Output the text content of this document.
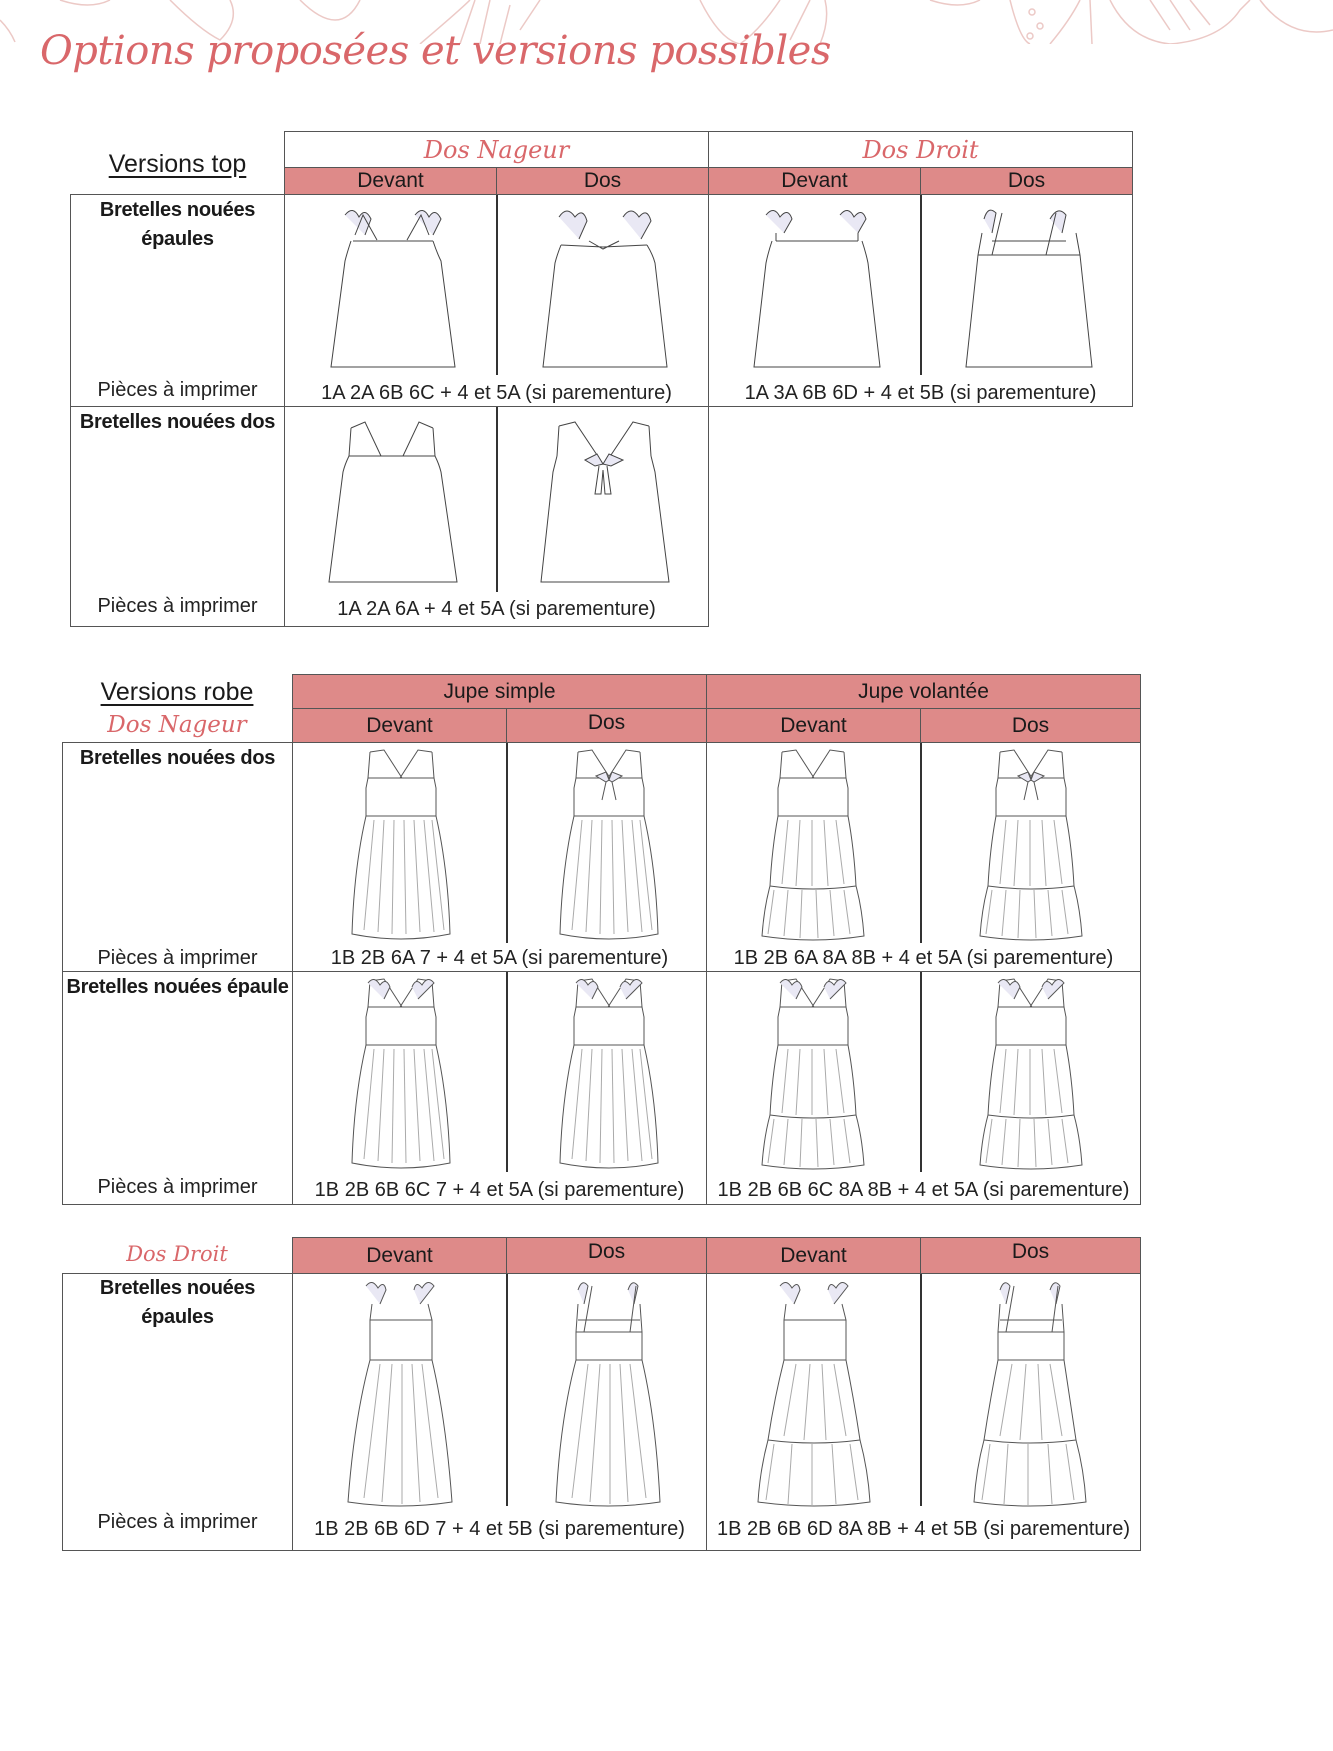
Options proposées et versions possibles
Versions top
Dos Nageur	Dos Droit
Devant	Dos	Devant	Dos
Bretelles nouées épaules
Pièces à imprimer	1A 2A 6B 6C + 4 et 5A (si parementure)	1A 3A 6B 6D + 4 et 5B (si parementure)
Bretelles nouées dos
Pièces à imprimer	1A 2A 6A + 4 et 5A (si parementure)
Versions robe
Dos Nageur
Jupe simple	Jupe volantée
Devant	Dos	Devant	Dos
Bretelles nouées dos
Pièces à imprimer	1B 2B 6A 7 + 4 et 5A (si parementure)	1B 2B 6A 8A 8B + 4 et 5A (si parementure)
Bretelles nouées épaule
Pièces à imprimer	1B 2B 6B 6C 7 + 4 et 5A (si parementure)	1B 2B 6B 6C 8A 8B + 4 et 5A (si parementure)
Dos Droit	Devant	Dos	Devant	Dos
Bretelles nouées épaules
Pièces à imprimer	1B 2B 6B 6D 7 + 4 et 5B (si parementure)	1B 2B 6B 6D 8A 8B + 4 et 5B (si parementure)
